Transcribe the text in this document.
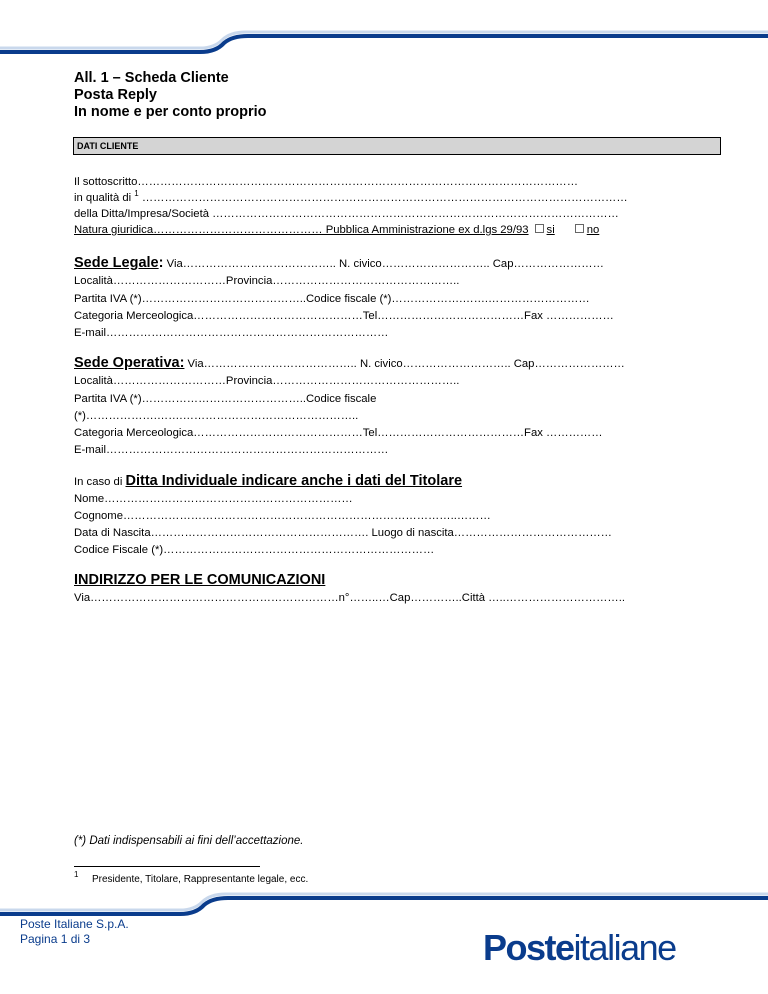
All. 1 – Scheda Cliente
Posta Reply
In nome e per conto proprio
DATI CLIENTE
Il sottoscritto………………………………………………………………………………………………………
in qualità di $^1$ …………………………………………………………………………………………………………………
della Ditta/Impresa/Società ………………………………………………………………………………………………
Natura giuridica……………………………………… Pubblica Amministrazione ex d.lgs 29/93 si	no
Sede Legale: Via………………………………….. N. civico……………………….. Cap……………………
Località…………………………Provincia…………………………………………..
Partita IVA (*)……………………………………..Codice fiscale (*)……………….…….………………………
Categoria Merceologica………………………………………Tel…………………………………Fax ………………
E-mail…………………………………………………………………
Sede Operativa: Via………………………………….. N. civico……………………….. Cap……………………
Località…………………………Provincia…………………………………………..
Partita IVA (*)……………………………………..Codice fiscale
(*)……………….…….………………………………………..
Categoria Merceologica………………………………………Tel…………………………………Fax ……………
E-mail…………………………………………………………………
In caso di Ditta Individuale indicare anche i dati del Titolare
Nome…………………………………………………………
Cognome……………………………………………………………………………..………
Data di Nascita…………………………………………………. Luogo di nascita……………………………………
Codice Fiscale (*)………………………………………………………………
INDIRIZZO PER LE COMUNICAZIONI
Via…………………………………………………………n°……..…Cap…………..Città …..…………………………..
(*) Dati indispensabili ai fini dell’accettazione.
1 Presidente, Titolare, Rappresentante legale, ecc.
Poste Italiane S.p.A.
Pagina 1 di 3	Posteitaliane
